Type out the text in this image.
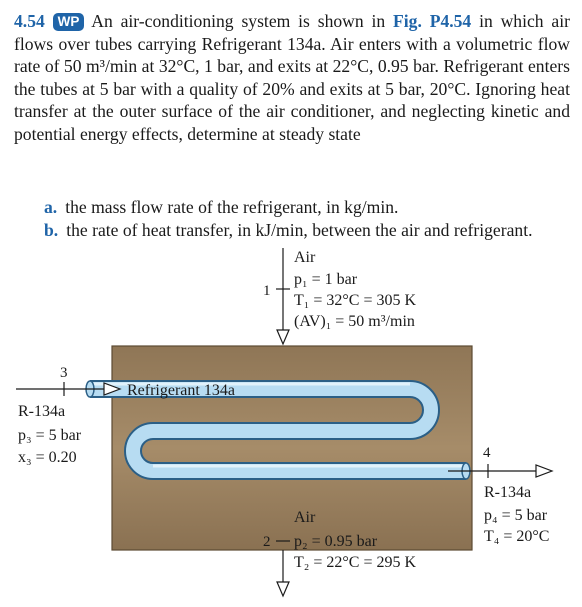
4.54 WP An air-conditioning system is shown in Fig. P4.54 in which air flows over tubes carrying Refrigerant 134a. Air enters with a volumetric flow rate of 50 m³/min at 32°C, 1 bar, and exits at 22°C, 0.95 bar. Refrigerant enters the tubes at 5 bar with a quality of 20% and exits at 5 bar, 20°C. Ignoring heat transfer at the outer surface of the air conditioner, and neglecting kinetic and potential energy effects, determine at steady state
a. the mass flow rate of the refrigerant, in kg/min.
b. the rate of heat transfer, in kJ/min, between the air and refrigerant.
Air
1
p₁ = 1 bar
T₁ = 32°C = 305 K
(AV)₁ = 50 m³/min
Refrigerant 134a
3
R-134a
p₃ = 5 bar
x₃ = 0.20	4
R-134a
p₄ = 5 bar
T₄ = 20°C
Air
2 p₂ = 0.95 bar
T₂ = 22°C = 295 K
